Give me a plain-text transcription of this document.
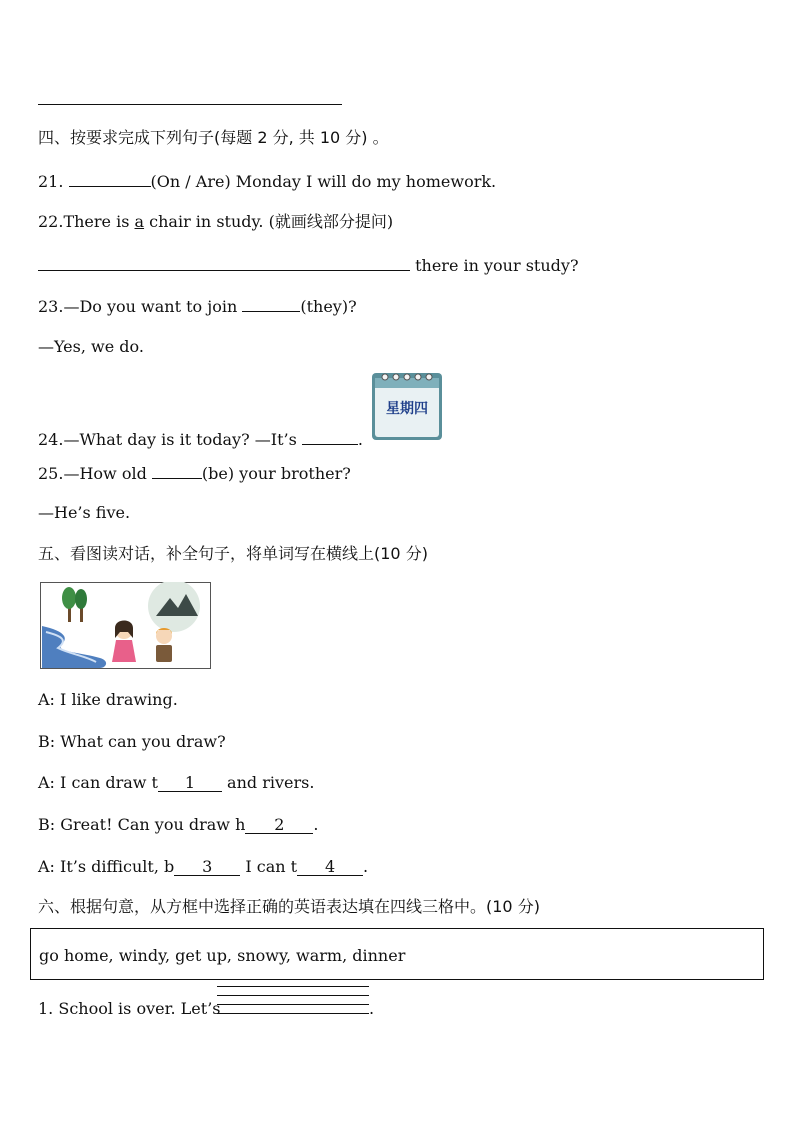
四、按要求完成下列句子(每题 2 分, 共 10 分) 。
21.	(On / Are) Monday I will do my homework.
22.There is a chair in study. (就画线部分提问)
there in your study?
23.—Do you want to join	(they)?
—Yes, we do.
星期四
24.—What day is it today? —It’s	.
25.—How old	(be) your brother?
—He’s five.
五、看图读对话，补全句子，将单词写在横线上(10 分)
A: I like drawing.
B: What can you draw?
A: I can draw t 1 and rivers.
B: Great! Can you draw h 2 .
A: It’s difficult, b 3 I can t 4 .
六、根据句意，从方框中选择正确的英语表达填在四线三格中。(10 分)
go home, windy, get up, snowy, warm, dinner
1. School is over. Let’s	.
